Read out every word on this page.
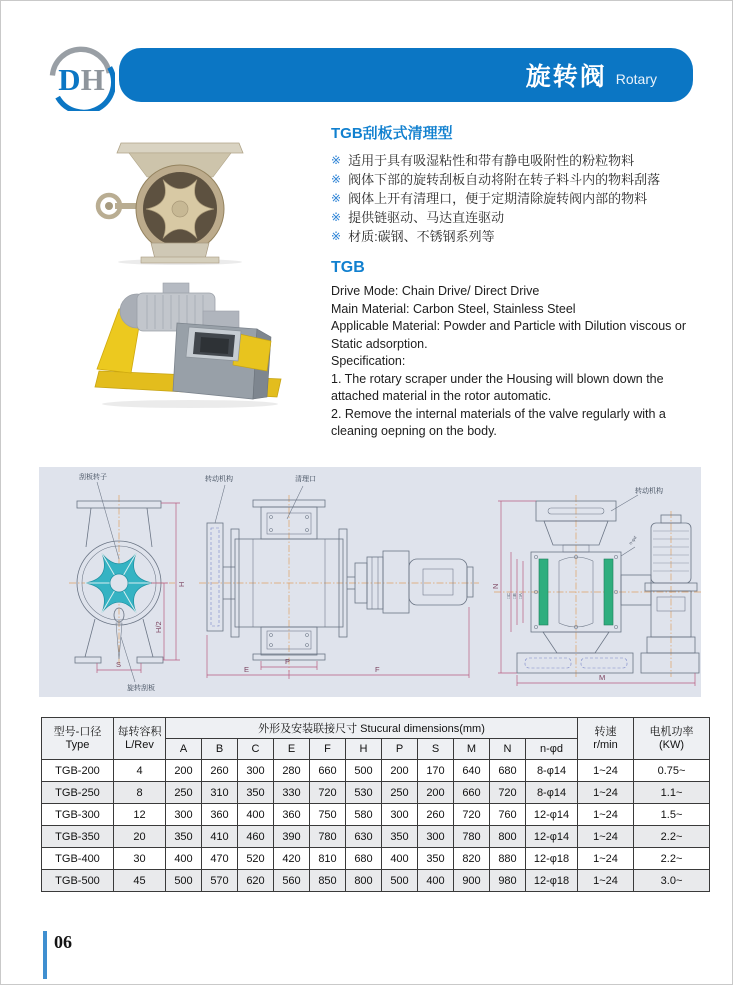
D H	旋转阀 Rotary
TGB刮板式清理型
※ 适用于具有吸湿粘性和带有静电吸附性的粉粒物料
※ 阀体下部的旋转刮板自动将附在转子料斗内的物料刮落
※ 阀体上开有清理口，便于定期清除旋转阀内部的物料
※ 提供链驱动、马达直连驱动
※ 材质:碳钢、不锈钢系列等
TGB
Drive Mode: Chain Drive/ Direct Drive
Main Material: Carbon Steel, Stainless Steel
Applicable Material: Powder and Particle with Dilution viscous or
Static adsorption.
Specification:
1. The rotary scraper under the Housing will blown down the
attached material in the rotor automatic.
2. Remove the internal materials of the valve regularly with a
cleaning oepning on the body.
H
H/2
S
刮板转子
旋转刮板
P
E	F
转动机构	清理口
N
□C □B □A
M
转动机构
n-φd
型号-口径
Type

每转容积
L/Rev
	外形及安装联接尺寸 Stucural dimensions(mm)	转速
r/min

电机功率
(KW)

		A	B	C	E	F	H	P	S	M	N	n-φd		
TGB-200	4	200	260	300	280	660	500	200	170	640	680	8-φ14	1~24	0.75~
TGB-250	8	250	310	350	330	720	530	250	200	660	720	8-φ14	1~24	1.1~
TGB-300	12	300	360	400	360	750	580	300	260	720	760	12-φ14	1~24	1.5~
TGB-350	20	350	410	460	390	780	630	350	300	780	800	12-φ14	1~24	2.2~
TGB-400	30	400	470	520	420	810	680	400	350	820	880	12-φ18	1~24	2.2~
TGB-500	45	500	570	620	560	850	800	500	400	900	980	12-φ18	1~24	3.0~
06
